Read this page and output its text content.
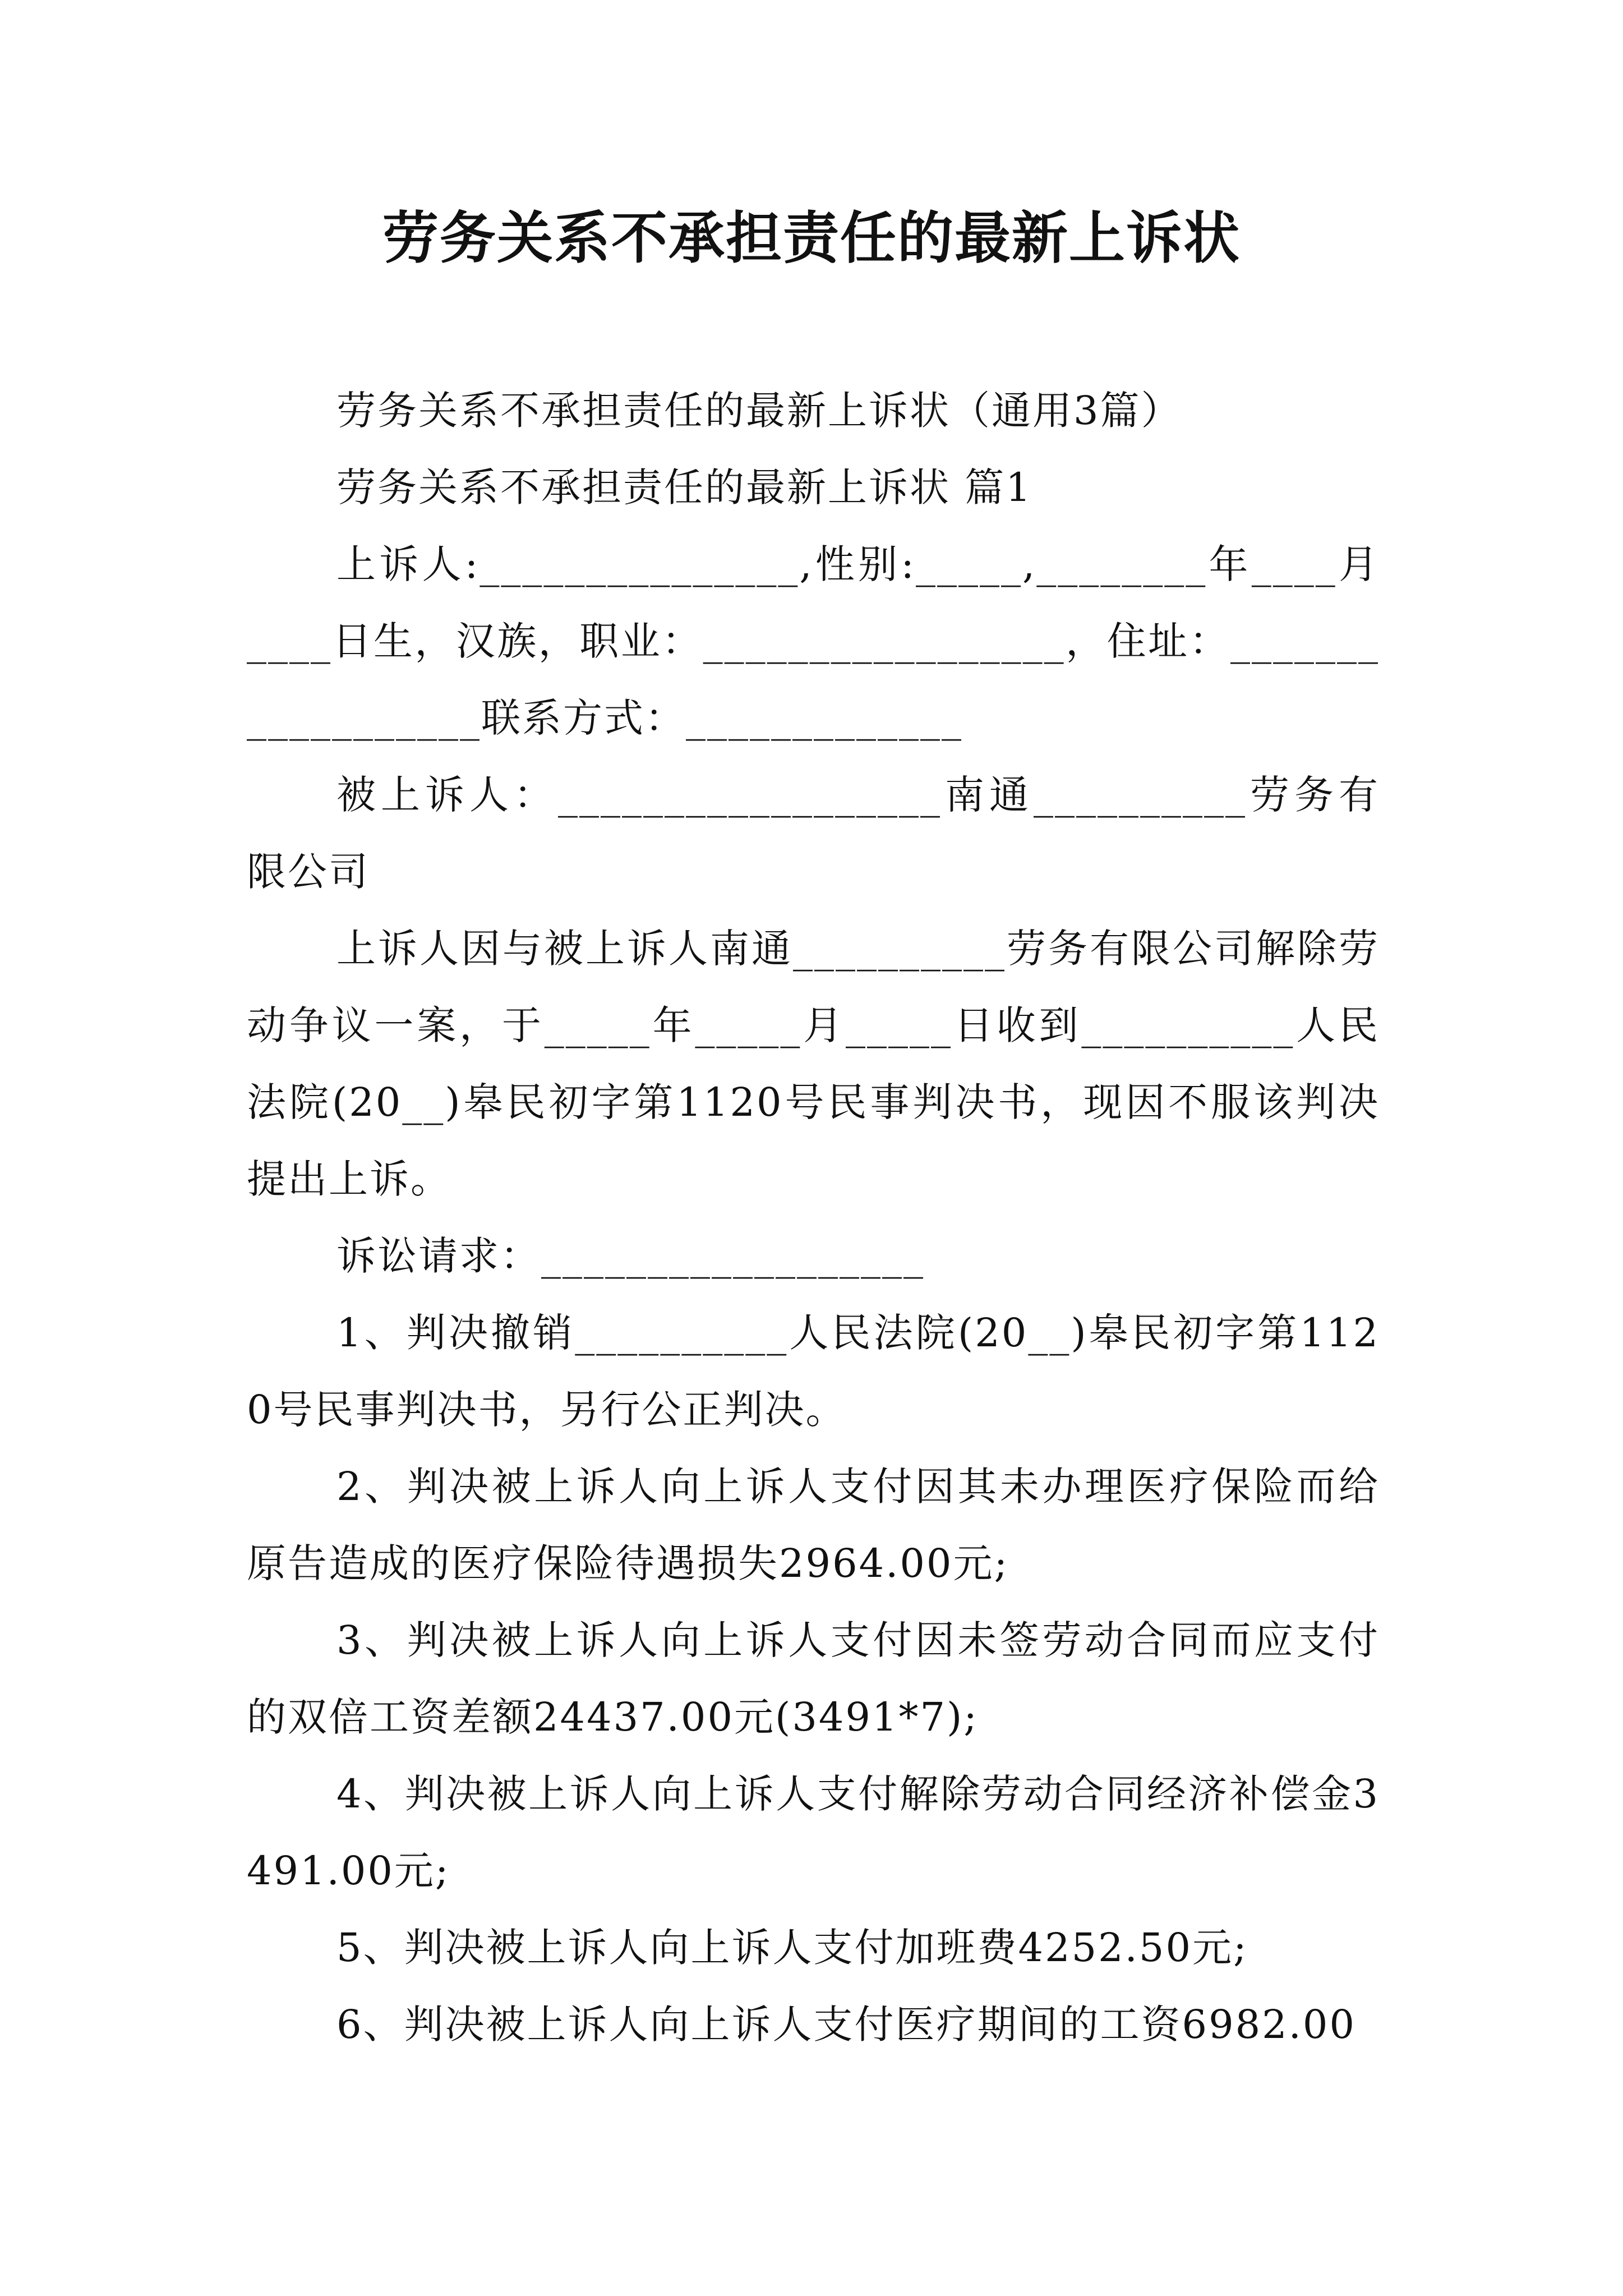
劳务关系不承担责任的最新上诉状

劳务关系不承担责任的最新上诉状（通用3篇）

劳务关系不承担责任的最新上诉状 篇1

上诉人:_______________,性别:_____,________年____月____日生，汉族，职业：_________________，住址：__________________联系方式：_____________

被上诉人：__________________南通__________劳务有限公司

上诉人因与被上诉人南通__________劳务有限公司解除劳动争议一案，于_____年_____月_____日收到__________人民法院(20__)皋民初字第1120号民事判决书，现因不服该判决提出上诉。

诉讼请求：__________________

1、判决撤销__________人民法院(20__)皋民初字第1120号民事判决书，另行公正判决。

2、判决被上诉人向上诉人支付因其未办理医疗保险而给原告造成的医疗保险待遇损失2964.00元;

3、判决被上诉人向上诉人支付因未签劳动合同而应支付的双倍工资差额24437.00元(3491*7);

4、判决被上诉人向上诉人支付解除劳动合同经济补偿金3491.00元;

5、判决被上诉人向上诉人支付加班费4252.50元;

6、判决被上诉人向上诉人支付医疗期间的工资6982.00
